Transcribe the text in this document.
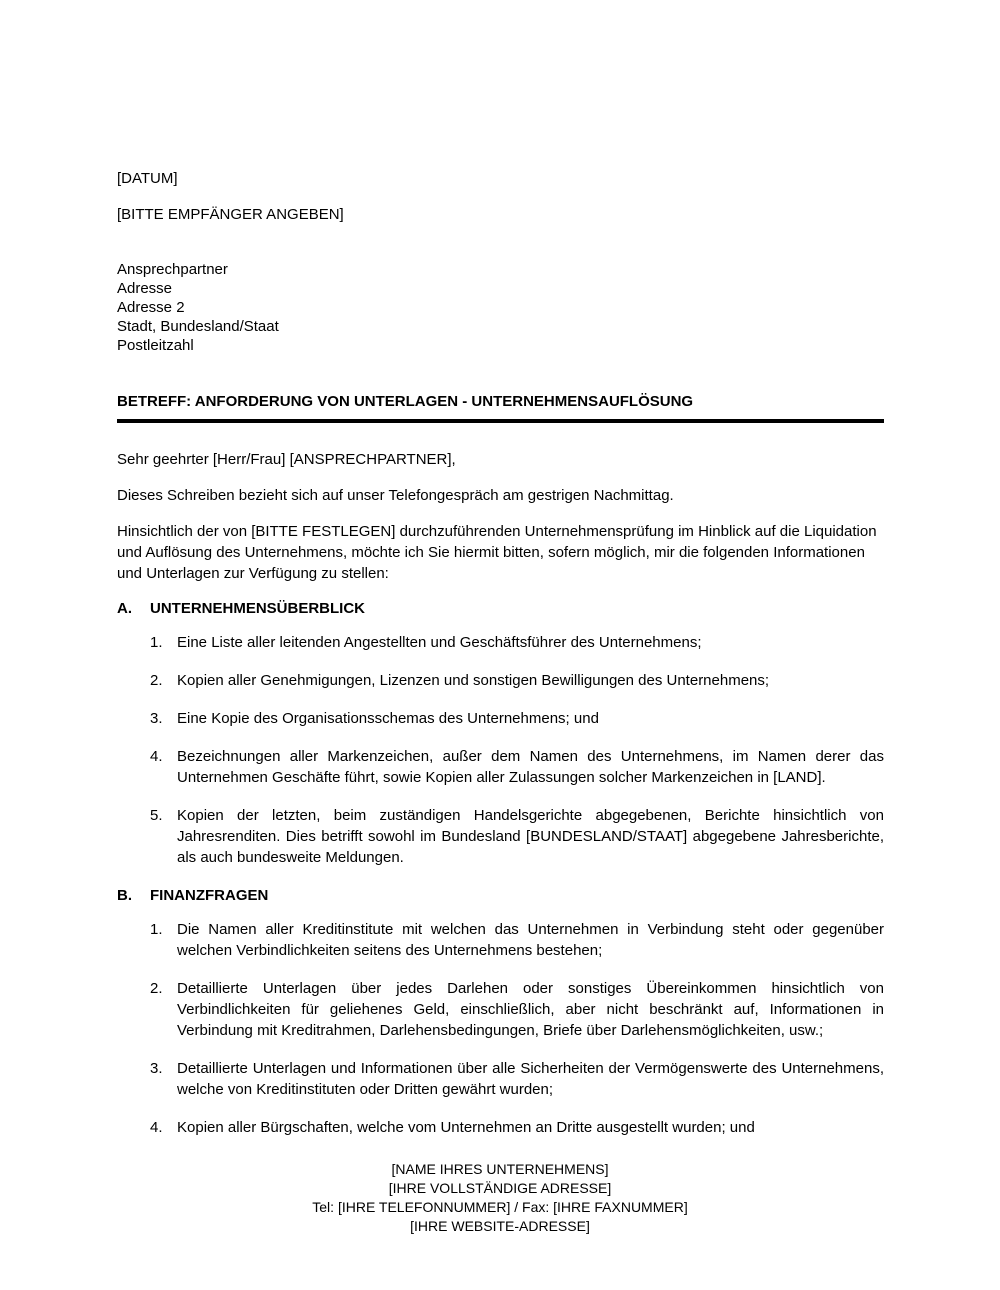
[DATUM]

[BITTE EMPFÄNGER ANGEBEN]

Ansprechpartner
Adresse
Adresse 2
Stadt, Bundesland/Staat
Postleitzahl
BETREFF: ANFORDERUNG VON UNTERLAGEN - UNTERNEHMENSAUFLÖSUNG

Sehr geehrter [Herr/Frau] [ANSPRECHPARTNER],

Dieses Schreiben bezieht sich auf unser Telefongespräch am gestrigen Nachmittag.

Hinsichtlich der von [BITTE FESTLEGEN] durchzuführenden Unternehmensprüfung im Hinblick auf die Liquidation und Auflösung des Unternehmens, möchte ich Sie hiermit bitten, sofern möglich, mir die folgenden Informationen und Unterlagen zur Verfügung zu stellen:

A.	UNTERNEHMENSÜBERBLICK
1. Eine Liste aller leitenden Angestellten und Geschäftsführer des Unternehmens;
2. Kopien aller Genehmigungen, Lizenzen und sonstigen Bewilligungen des Unternehmens;
3. Eine Kopie des Organisationsschemas des Unternehmens; und
4. Bezeichnungen aller Markenzeichen, außer dem Namen des Unternehmens, im Namen derer das Unternehmen Geschäfte führt, sowie Kopien aller Zulassungen solcher Markenzeichen in [LAND].
5. Kopien der letzten, beim zuständigen Handelsgerichte abgegebenen, Berichte hinsichtlich von Jahresrenditen. Dies betrifft sowohl im Bundesland [BUNDESLAND/STAAT] abgegebene Jahresberichte, als auch bundesweite Meldungen.
B.	FINANZFRAGEN
1. Die Namen aller Kreditinstitute mit welchen das Unternehmen in Verbindung steht oder gegenüber welchen Verbindlichkeiten seitens des Unternehmens bestehen;
2. Detaillierte Unterlagen über jedes Darlehen oder sonstiges Übereinkommen hinsichtlich von Verbindlichkeiten für geliehenes Geld, einschließlich, aber nicht beschränkt auf, Informationen in Verbindung mit Kreditrahmen, Darlehensbedingungen, Briefe über Darlehensmöglichkeiten, usw.;
3. Detaillierte Unterlagen und Informationen über alle Sicherheiten der Vermögenswerte des Unternehmens, welche von Kreditinstituten oder Dritten gewährt wurden;
4. Kopien aller Bürgschaften, welche vom Unternehmen an Dritte ausgestellt wurden; und
[NAME IHRES UNTERNEHMENS]
[IHRE VOLLSTÄNDIGE ADRESSE]
Tel: [IHRE TELEFONNUMMER] / Fax: [IHRE FAXNUMMER]
[IHRE WEBSITE-ADRESSE]
